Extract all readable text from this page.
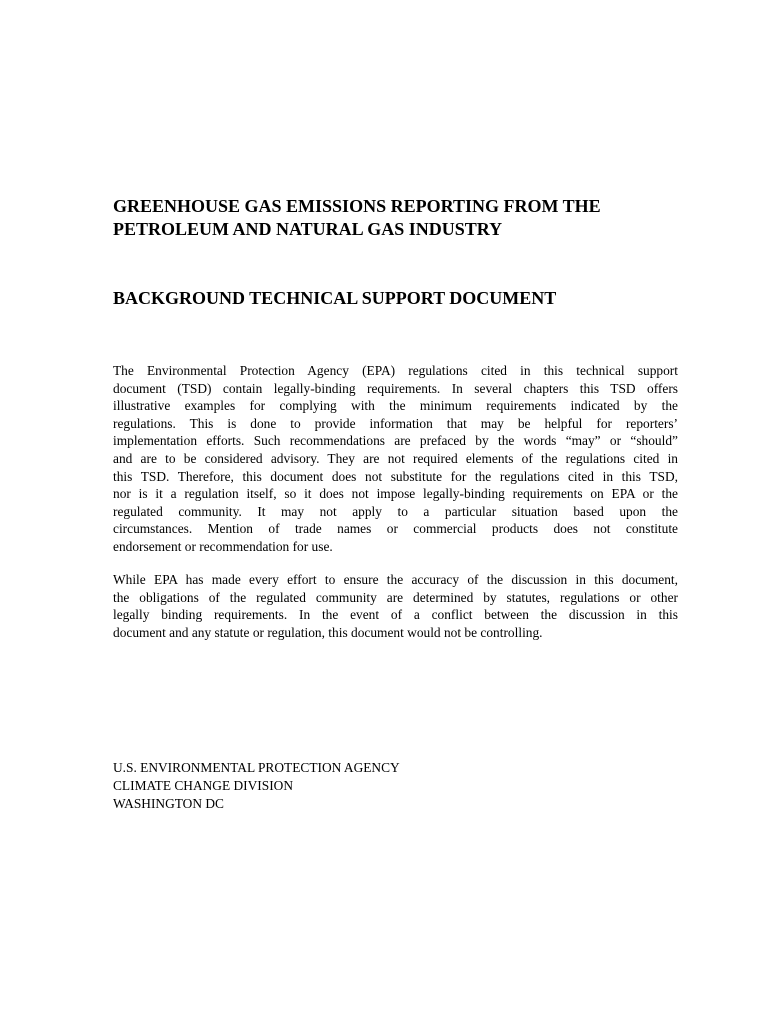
GREENHOUSE GAS EMISSIONS REPORTING FROM THE
PETROLEUM AND NATURAL GAS INDUSTRY
BACKGROUND TECHNICAL SUPPORT DOCUMENT

The Environmental Protection Agency (EPA) regulations cited in this technical support
document (TSD) contain legally-binding requirements. In several chapters this TSD offers
illustrative examples for complying with the minimum requirements indicated by the
regulations. This is done to provide information that may be helpful for reporters’
implementation efforts. Such recommendations are prefaced by the words “may” or “should”
and are to be considered advisory. They are not required elements of the regulations cited in
this TSD. Therefore, this document does not substitute for the regulations cited in this TSD,
nor is it a regulation itself, so it does not impose legally-binding requirements on EPA or the
regulated community. It may not apply to a particular situation based upon the
circumstances. Mention of trade names or commercial products does not constitute
endorsement or recommendation for use.

While EPA has made every effort to ensure the accuracy of the discussion in this document,
the obligations of the regulated community are determined by statutes, regulations or other
legally binding requirements. In the event of a conflict between the discussion in this
document and any statute or regulation, this document would not be controlling.

U.S. ENVIRONMENTAL PROTECTION AGENCY
CLIMATE CHANGE DIVISION
WASHINGTON DC
